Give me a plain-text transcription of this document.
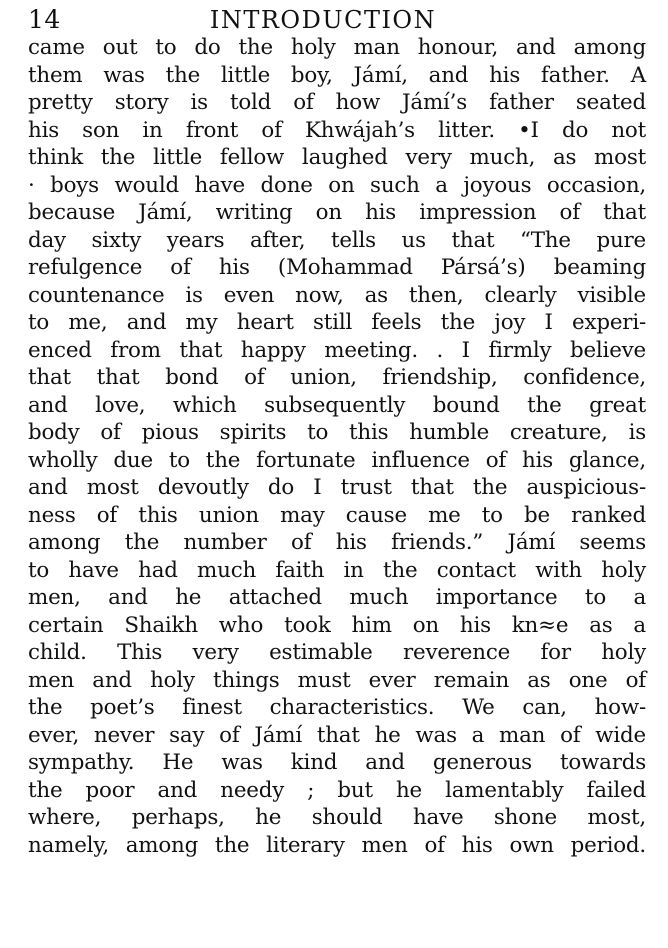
14	INTRODUCTION
came out to do the holy man honour, and among
them was the little boy, Jámí, and his father. A
pretty story is told of how Jámí’s father seated
his son in front of Khwájah’s litter. •I do not
think the little fellow laughed very much, as most
· boys would have done on such a joyous occasion,
because Jámí, writing on his impression of that
day sixty years after, tells us that “The pure
refulgence of his (Mohammad Pársá’s) beaming
countenance is even now, as then, clearly visible
to me, and my heart still feels the joy I experi-
enced from that happy meeting. . I firmly believe
that that bond of union, friendship, confidence,
and love, which subsequently bound the great
body of pious spirits to this humble creature, is
wholly due to the fortunate influence of his glance,
and most devoutly do I trust that the auspicious-
ness of this union may cause me to be ranked
among the number of his friends.” Jámí seems
to have had much faith in the contact with holy
men, and he attached much importance to a
certain Shaikh who took him on his kn≈e as a
child. This very estimable reverence for holy
men and holy things must ever remain as one of
the poet’s finest characteristics. We can, how-
ever, never say of Jámí that he was a man of wide
sympathy. He was kind and generous towards
the poor and needy ; but he lamentably failed
where, perhaps, he should have shone most,
namely, among the literary men of his own period.
